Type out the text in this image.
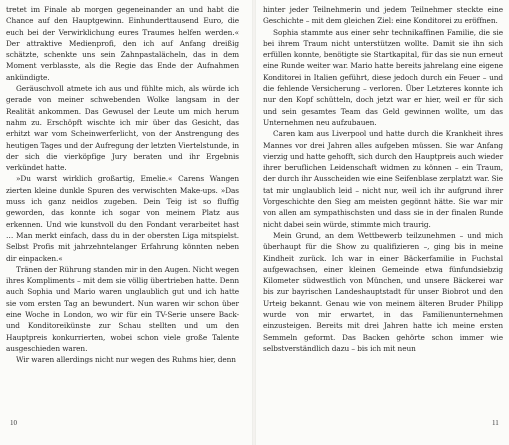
tretet im Finale ab morgen gegeneinander an und habt die Chance auf den Hauptgewinn. Einhunderttausend Euro, die euch bei der Verwirklichung eures Traumes helfen werden.« Der attraktive Medienprofi, den ich auf Anfang dreißig schätzte, schenkte uns sein Zahnpastalächeln, das in dem Moment verblasste, als die Regie das Ende der Aufnahmen ankündigte.

Geräuschvoll atmete ich aus und fühlte mich, als würde ich gerade von meiner schwebenden Wolke langsam in der Realität ankommen. Das Gewusel der Leute um mich herum nahm zu. Erschöpft wischte ich mir über das Gesicht, das erhitzt war vom Scheinwerferlicht, von der Anstrengung des heutigen Tages und der Aufregung der letzten Viertelstunde, in der sich die vierköpfige Jury beraten und ihr Ergebnis verkündet hatte.

»Du warst wirklich großartig, Emelie.« Carens Wangen zierten kleine dunkle Spuren des verwischten Make-ups. »Das muss ich ganz neidlos zugeben. Dein Teig ist so fluffig geworden, das konnte ich sogar von meinem Platz aus erkennen. Und wie kunstvoll du den Fondant verarbeitet hast … Man merkt einfach, dass du in der obersten Liga mitspielst. Selbst Profis mit jahrzehntelanger Erfahrung könnten neben dir einpacken.«

Tränen der Rührung standen mir in den Augen. Nicht wegen ihres Kompliments – mit dem sie völlig übertrieben hatte. Denn auch Sophia und Mario waren unglaublich gut und ich hatte sie vom ersten Tag an bewundert. Nun waren wir schon über eine Woche in London, wo wir für ein TV-Serie unsere Back- und Konditoreikünste zur Schau stellten und um den Hauptpreis konkurrierten, wobei schon viele große Talente ausgeschieden waren.

Wir waren allerdings nicht nur wegen des Ruhms hier, denn

hinter jeder Teilnehmerin und jedem Teilnehmer steckte eine Geschichte – mit dem gleichen Ziel: eine Konditorei zu eröffnen.

Sophia stammte aus einer sehr technikaffinen Familie, die sie bei ihrem Traum nicht unterstützen wollte. Damit sie ihn sich erfüllen konnte, benötigte sie Startkapital, für das sie nun erneut eine Runde weiter war. Mario hatte bereits jahrelang eine eigene Konditorei in Italien geführt, diese jedoch durch ein Feuer – und die fehlende Versicherung – verloren. Über Letzteres konnte ich nur den Kopf schütteln, doch jetzt war er hier, weil er für sich und sein gesamtes Team das Geld gewinnen wollte, um das Unternehmen neu aufzubauen.

Caren kam aus Liverpool und hatte durch die Krankheit ihres Mannes vor drei Jahren alles aufgeben müssen. Sie war Anfang vierzig und hatte gehofft, sich durch den Hauptpreis auch wieder ihrer beruflichen Leidenschaft widmen zu können – ein Traum, der durch ihr Ausscheiden wie eine Seifenblase zerplatzt war. Sie tat mir unglaublich leid – nicht nur, weil ich ihr aufgrund ihrer Vorgeschichte den Sieg am meisten gegönnt hätte. Sie war mir von allen am sympathischsten und dass sie in der finalen Runde nicht dabei sein würde, stimmte mich traurig.

Mein Grund, an dem Wettbewerb teilzunehmen – und mich überhaupt für die Show zu qualifizieren –, ging bis in meine Kindheit zurück. Ich war in einer Bäckerfamilie in Fuchstal aufgewachsen, einer kleinen Gemeinde etwa fünfundsiebzig Kilometer südwestlich von München, und unsere Bäckerei war bis zur bayrischen Landeshauptstadt für unser Biobrot und den Urteig bekannt. Genau wie von meinem älteren Bruder Philipp wurde von mir erwartet, in das Familienunternehmen einzusteigen. Bereits mit drei Jahren hatte ich meine ersten Semmeln geformt. Das Backen gehörte schon immer wie selbstverständlich dazu – bis ich mit neun

10	11
